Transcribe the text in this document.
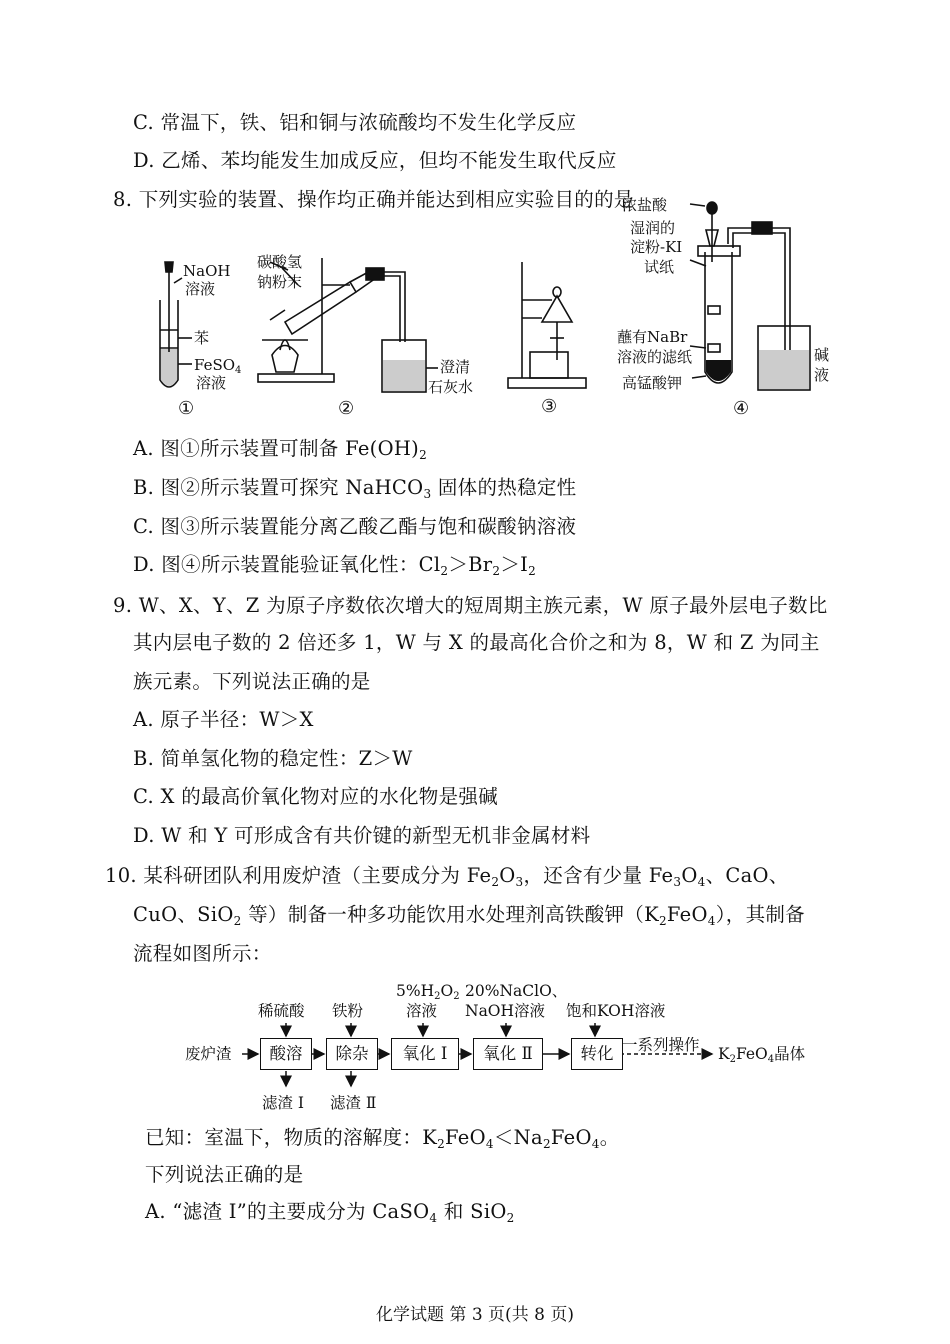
C. 常温下，铁、铝和铜与浓硫酸均不发生化学反应
D. 乙烯、苯均能发生加成反应，但均不能发生取代反应
8. 下列实验的装置、操作均正确并能达到相应实验目的的是
NaOH
溶液
苯
FeSO$_4$
溶液
①
碳酸氢
钠粉末
澄清
石灰水
②	③
浓盐酸
湿润的
淀粉-KI
试纸
蘸有NaBr
溶液的滤纸
高锰酸钾
碱
液
④
A. 图①所示装置可制备 $Fe(OH)_2$
B. 图②所示装置可探究 NaHCO$_3$ 固体的热稳定性
C. 图③所示装置能分离乙酸乙酯与饱和碳酸钠溶液
D. 图④所示装置能验证氧化性：$Cl_2>Br_2>I_2$
9. W、X、Y、Z 为原子序数依次增大的短周期主族元素，W 原子最外层电子数比
其内层电子数的 2 倍还多 1，W 与 X 的最高化合价之和为 8，W 和 Z 为同主
族元素。下列说法正确的是
A. 原子半径：W＞X
B. 简单氢化物的稳定性：Z＞W
C. X 的最高价氧化物对应的水化物是强碱
D. W 和 Y 可形成含有共价键的新型无机非金属材料
10. 某科研团队利用废炉渣（主要成分为 $Fe_2O_3$，还含有少量 $Fe_3O_4$、CaO、
CuO、SiO$_2$ 等）制备一种多功能饮用水处理剂高铁酸钾$(K_2FeO_4)$，其制备
流程如图所示：
废炉渣	酸溶	除杂	氧化 Ⅰ	氧化 Ⅱ	转化
稀硫酸 铁粉
$5\%H_2O_2$
溶液
20%NaClO、
NaOH溶液 饱和KOH溶液
滤渣 Ⅰ 滤渣 Ⅱ
一系列操作 $K_2FeO_4$晶体
已知：室温下，物质的溶解度：$K_2FeO_4<Na_2FeO_4$。
下列说法正确的是
A. “滤渣 Ⅰ”的主要成分为 CaSO$_4$ 和 SiO$_2$
化学试题 第 3 页(共 8 页)
